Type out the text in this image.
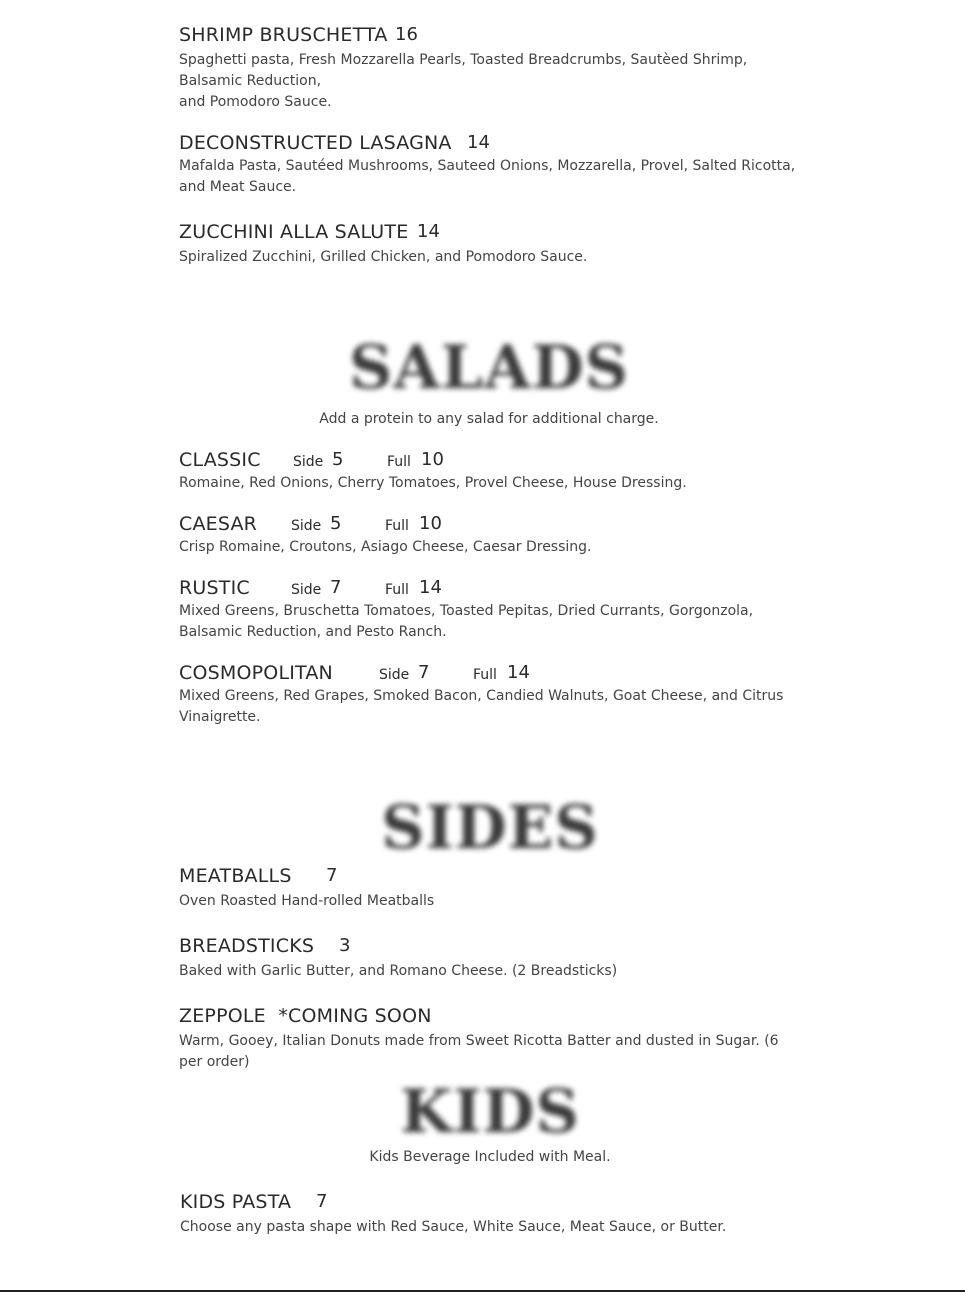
SHRIMP BRUSCHETTA 16
Spaghetti pasta, Fresh Mozzarella Pearls, Toasted Breadcrumbs, Sautèed Shrimp, Balsamic Reduction,
and Pomodoro Sauce.
DECONSTRUCTED LASAGNA 14
Mafalda Pasta, Sautéed Mushrooms, Sauteed Onions, Mozzarella, Provel, Salted Ricotta, and Meat Sauce.
ZUCCHINI ALLA SALUTE 14
Spiralized Zucchini, Grilled Chicken, and Pomodoro Sauce.
SALADS
Add a protein to any salad for additional charge.
CLASSIC Side 5	Full 10
Romaine, Red Onions, Cherry Tomatoes, Provel Cheese, House Dressing.
CAESAR Side 5	Full 10
Crisp Romaine, Croutons, Asiago Cheese, Caesar Dressing.
RUSTIC	Side 7	Full 14
Mixed Greens, Bruschetta Tomatoes, Toasted Pepitas, Dried Currants, Gorgonzola, Balsamic Reduction, and Pesto Ranch.
COSMOPOLITAN	Side 7	Full 14
Mixed Greens, Red Grapes, Smoked Bacon, Candied Walnuts, Goat Cheese, and Citrus Vinaigrette.
SIDES
MEATBALLS 7
Oven Roasted Hand-rolled Meatballs
BREADSTICKS 3
Baked with Garlic Butter, and Romano Cheese. (2 Breadsticks)
ZEPPOLE  *COMING SOON
Warm, Gooey, Italian Donuts made from Sweet Ricotta Batter and dusted in Sugar. (6 per order)
KIDS
Kids Beverage Included with Meal.
KIDS PASTA 7
Choose any pasta shape with Red Sauce, White Sauce, Meat Sauce, or Butter.
